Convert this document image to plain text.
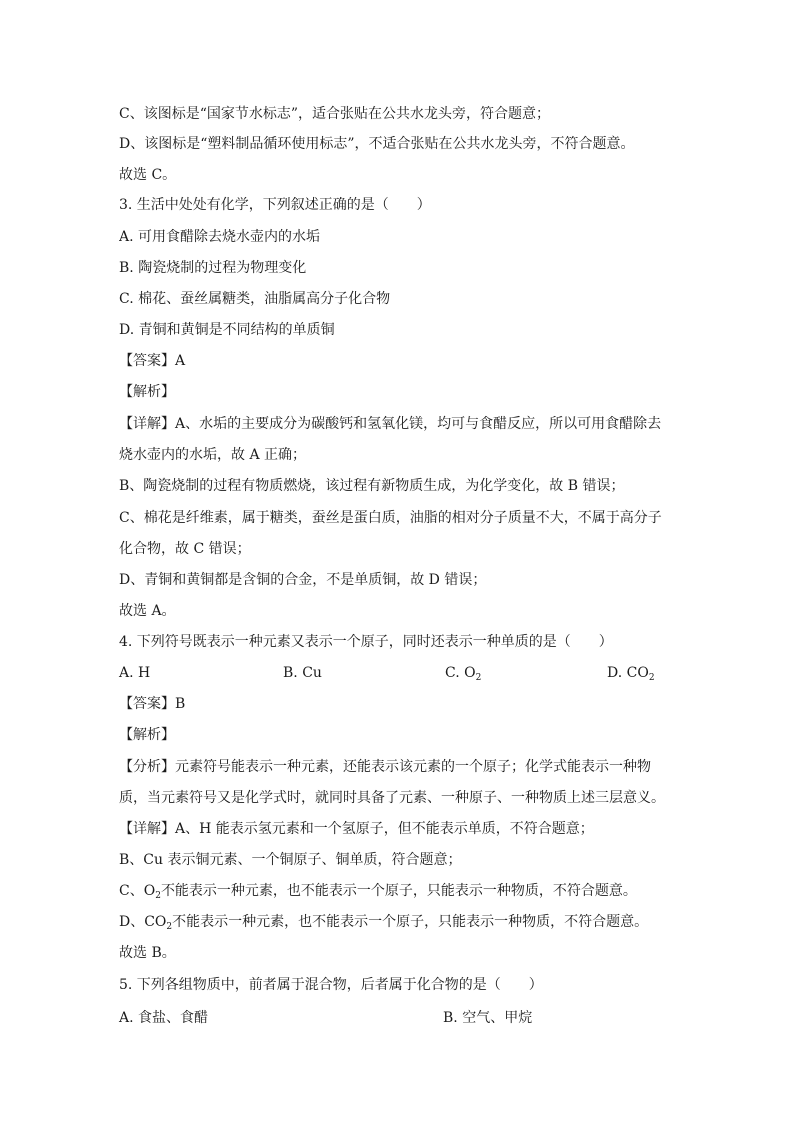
C、该图标是“国家节水标志”，适合张贴在公共水龙头旁，符合题意；
D、该图标是“塑料制品循环使用标志”，不适合张贴在公共水龙头旁，不符合题意。
故选 C。
3. 生活中处处有化学，下列叙述正确的是（　　）
A. 可用食醋除去烧水壶内的水垢
B. 陶瓷烧制的过程为物理变化
C. 棉花、蚕丝属糖类，油脂属高分子化合物
D. 青铜和黄铜是不同结构的单质铜
【答案】A
【解析】
【详解】A、水垢的主要成分为碳酸钙和氢氧化镁，均可与食醋反应，所以可用食醋除去
烧水壶内的水垢，故 A 正确；
B、陶瓷烧制的过程有物质燃烧，该过程有新物质生成，为化学变化，故 B 错误；
C、棉花是纤维素，属于糖类，蚕丝是蛋白质，油脂的相对分子质量不大，不属于高分子
化合物，故 C 错误；
D、青铜和黄铜都是含铜的合金，不是单质铜，故 D 错误；
故选 A。
4. 下列符号既表示一种元素又表示一个原子，同时还表示一种单质的是（　　）
A. H	B. Cu	C. $O_2$	D. $CO_2$
【答案】B
【解析】
【分析】元素符号能表示一种元素，还能表示该元素的一个原子；化学式能表示一种物
质，当元素符号又是化学式时，就同时具备了元素、一种原子、一种物质上述三层意义。
【详解】A、H 能表示氢元素和一个氢原子，但不能表示单质，不符合题意；
B、Cu 表示铜元素、一个铜原子、铜单质，符合题意；
C、$O_2$不能表示一种元素，也不能表示一个原子，只能表示一种物质，不符合题意。
D、$CO_2$不能表示一种元素，也不能表示一个原子，只能表示一种物质，不符合题意。
故选 B。
5. 下列各组物质中，前者属于混合物，后者属于化合物的是（　　）
A. 食盐、食醋	B. 空气、甲烷
